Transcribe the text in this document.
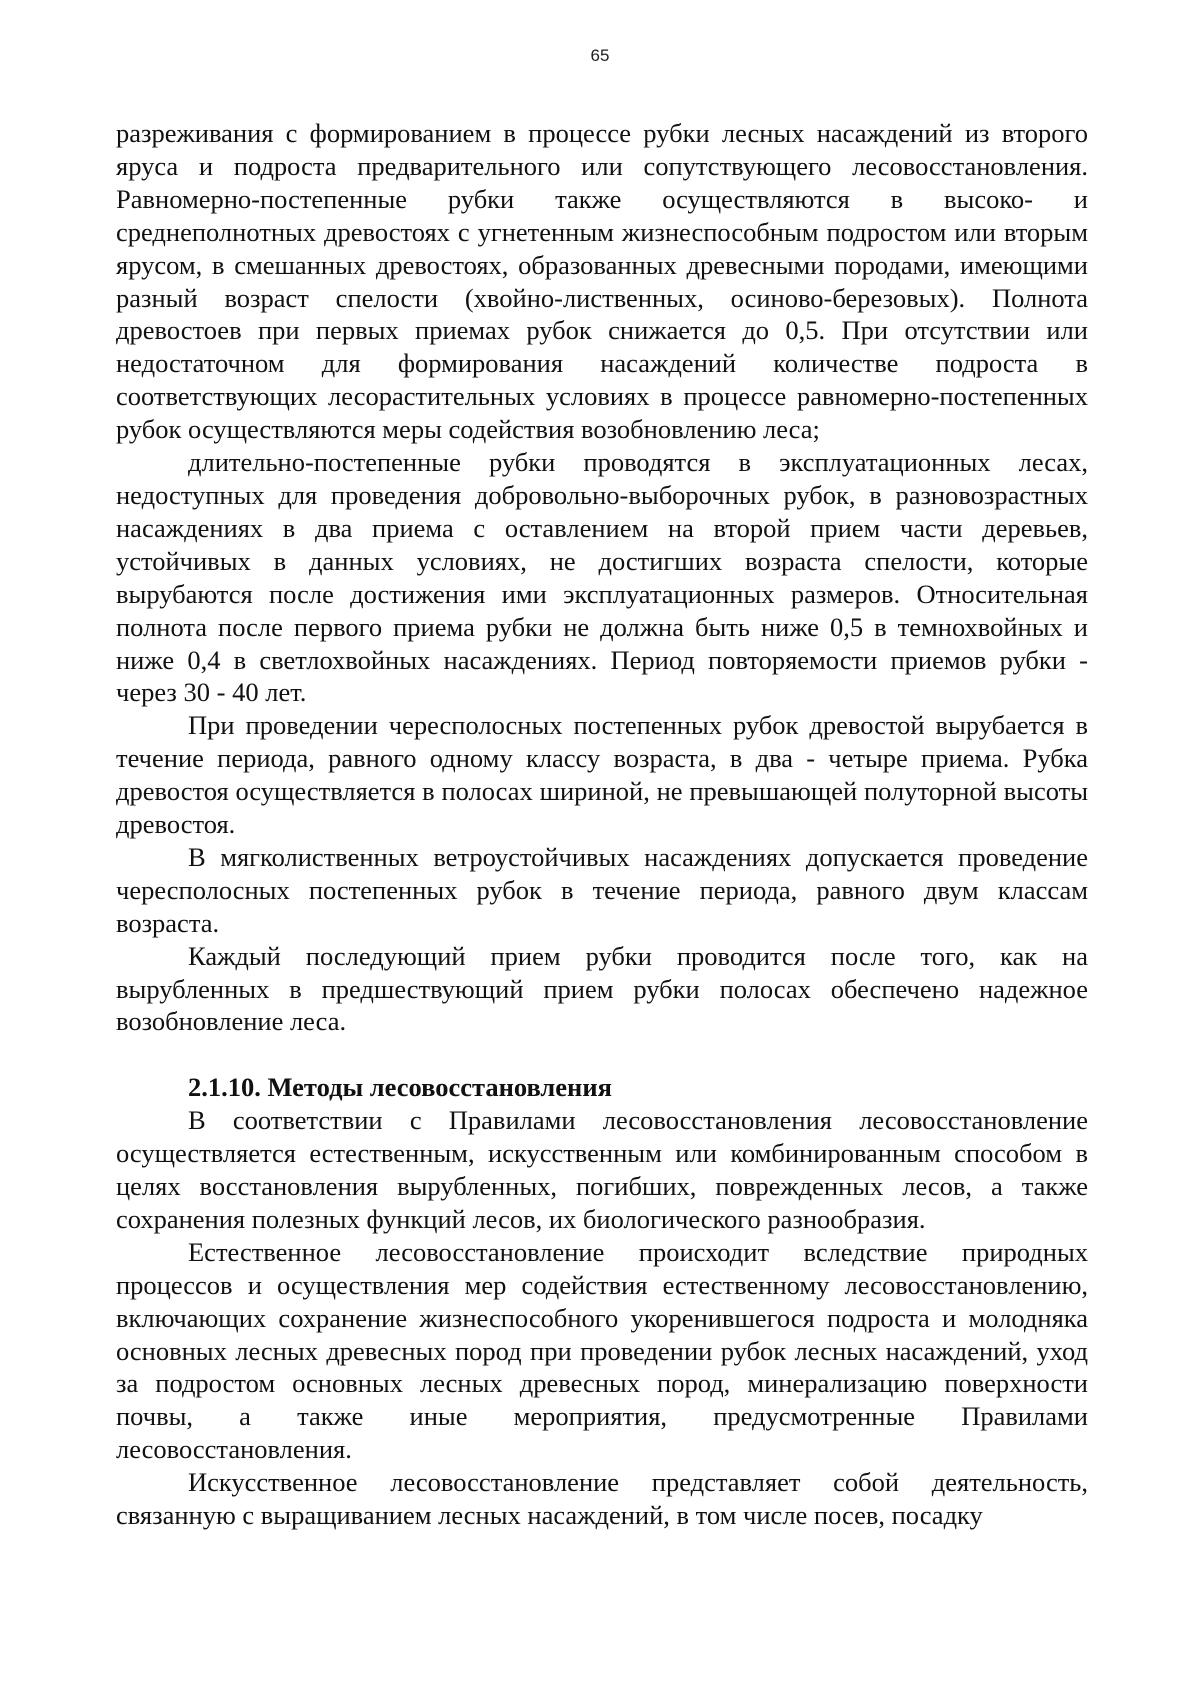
65

разреживания с формированием в процессе рубки лесных насаждений из второго яруса и подроста предварительного или сопутствующего лесовосстановления. Равномерно-постепенные рубки также осуществляются в высоко- и среднеполнотных древостоях с угнетенным жизнеспособным подростом или вторым ярусом, в смешанных древостоях, образованных древесными породами, имеющими разный возраст спелости (хвойно-лиственных, осиново-березовых). Полнота древостоев при первых приемах рубок снижается до 0,5. При отсутствии или недостаточном для формирования насаждений количестве подроста в соответствующих лесорастительных условиях в процессе равномерно-постепенных рубок осуществляются меры содействия возобновлению леса;

длительно-постепенные рубки проводятся в эксплуатационных лесах, недоступных для проведения добровольно-выборочных рубок, в разновозрастных насаждениях в два приема с оставлением на второй прием части деревьев, устойчивых в данных условиях, не достигших возраста спелости, которые вырубаются после достижения ими эксплуатационных размеров. Относительная полнота после первого приема рубки не должна быть ниже 0,5 в темнохвойных и ниже 0,4 в светлохвойных насаждениях. Период повторяемости приемов рубки - через 30 - 40 лет.

При проведении чересполосных постепенных рубок древостой вырубается в течение периода, равного одному классу возраста, в два - четыре приема. Рубка древостоя осуществляется в полосах шириной, не превышающей полуторной высоты древостоя.

В мягколиственных ветроустойчивых насаждениях допускается проведение чересполосных постепенных рубок в течение периода, равного двум классам возраста.

Каждый последующий прием рубки проводится после того, как на вырубленных в предшествующий прием рубки полосах обеспечено надежное возобновление леса.

2.1.10. Методы лесовосстановления

В соответствии с Правилами лесовосстановления лесовосстановление осуществляется естественным, искусственным или комбинированным способом в целях восстановления вырубленных, погибших, поврежденных лесов, а также сохранения полезных функций лесов, их биологического разнообразия.

Естественное лесовосстановление происходит вследствие природных процессов и осуществления мер содействия естественному лесовосстановлению, включающих сохранение жизнеспособного укоренившегося подроста и молодняка основных лесных древесных пород при проведении рубок лесных насаждений, уход за подростом основных лесных древесных пород, минерализацию поверхности почвы, а также иные мероприятия, предусмотренные Правилами лесовосстановления.

Искусственное лесовосстановление представляет собой деятельность, связанную с выращиванием лесных насаждений, в том числе посев, посадку
